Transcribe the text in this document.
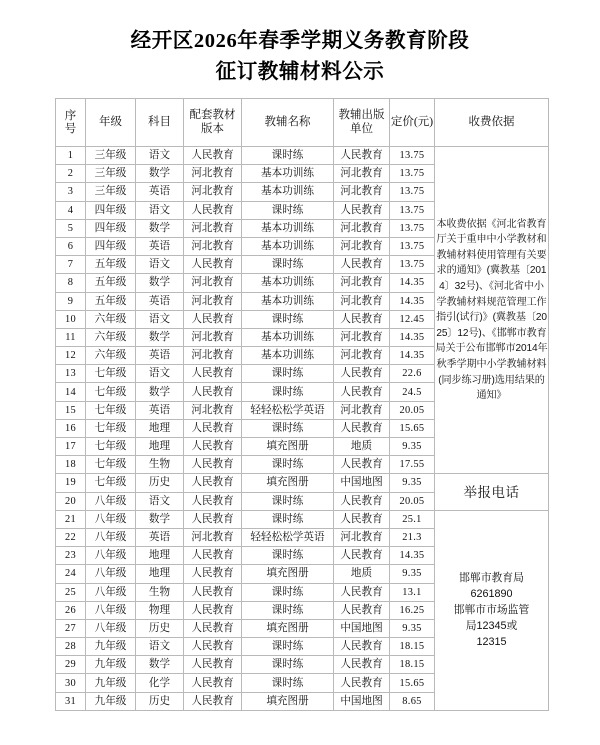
经开区2026年春季学期义务教育阶段
征订教辅材料公示
序号	年级	科目	配套教材版本	教辅名称	教辅出版单位	定价(元)	收费依据
1	三年级	语文	人民教育	课时练	人民教育	13.75	本收费依据《河北省教育厅关于重申中小学教材和教辅材料使用管理有关要求的通知》(冀教基〔2014〕32号)、《河北省中小学教辅材料规范管理工作指引(试行)》(冀教基〔2025〕12号)、《邯郸市教育局关于公布邯郸市2014年秋季学期中小学教辅材料(同步练习册)选用结果的通知》
2	三年级	数学	河北教育	基本功训练	河北教育	13.75	
3	三年级	英语	河北教育	基本功训练	河北教育	13.75	
4	四年级	语文	人民教育	课时练	人民教育	13.75	
5	四年级	数学	河北教育	基本功训练	河北教育	13.75	
6	四年级	英语	河北教育	基本功训练	河北教育	13.75	
7	五年级	语文	人民教育	课时练	人民教育	13.75	
8	五年级	数学	河北教育	基本功训练	河北教育	14.35	
9	五年级	英语	河北教育	基本功训练	河北教育	14.35	
10	六年级	语文	人民教育	课时练	人民教育	12.45	
11	六年级	数学	河北教育	基本功训练	河北教育	14.35	
12	六年级	英语	河北教育	基本功训练	河北教育	14.35	
13	七年级	语文	人民教育	课时练	人民教育	22.6	
14	七年级	数学	人民教育	课时练	人民教育	24.5	
15	七年级	英语	河北教育	轻轻松松学英语	河北教育	20.05	
16	七年级	地理	人民教育	课时练	人民教育	15.65	
17	七年级	地理	人民教育	填充图册	地质	9.35	
18	七年级	生物	人民教育	课时练	人民教育	17.55	
19	七年级	历史	人民教育	填充图册	中国地图	9.35	举报电话
20	八年级	语文	人民教育	课时练	人民教育	20.05	
21	八年级	数学	人民教育	课时练	人民教育	25.1	邯郸市教育局
6261890
邯郸市市场监管
局12345或
12315

22	八年级	英语	河北教育	轻轻松松学英语	河北教育	21.3	
23	八年级	地理	人民教育	课时练	人民教育	14.35	
24	八年级	地理	人民教育	填充图册	地质	9.35	
25	八年级	生物	人民教育	课时练	人民教育	13.1	
26	八年级	物理	人民教育	课时练	人民教育	16.25	
27	八年级	历史	人民教育	填充图册	中国地图	9.35	
28	九年级	语文	人民教育	课时练	人民教育	18.15	
29	九年级	数学	人民教育	课时练	人民教育	18.15	
30	九年级	化学	人民教育	课时练	人民教育	15.65	
31	九年级	历史	人民教育	填充图册	中国地图	8.65	
